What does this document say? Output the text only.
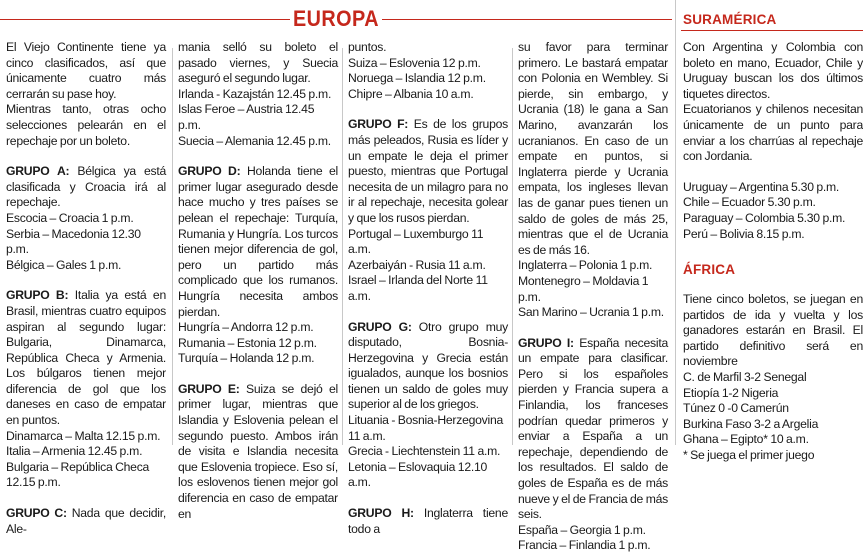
EUROPA

El Viejo Continente tiene ya cinco clasificados, así que únicamente cuatro más cerrarán su pase hoy.

Mientras tanto, otras ocho selecciones pelearán en el repechaje por un boleto.

GRUPO A: Bélgica ya está clasificada y Croacia irá al repechaje.

Escocia – Croacia 1 p.m.

Serbia – Macedonia 12.30 p.m.

Bélgica – Gales 1 p.m.

GRUPO B: Italia ya está en Brasil, mientras cuatro equipos aspiran al segundo lugar: Bulgaria, Dinamarca, República Checa y Armenia. Los búlgaros tienen mejor diferencia de gol que los daneses en caso de empatar en puntos.

Dinamarca – Malta 12.15 p.m.

Italia – Armenia 12.45 p.m.

Bulgaria – República Checa 12.15 p.m.

GRUPO C: Nada que decidir, Ale-

mania selló su boleto el pasado viernes, y Suecia aseguró el segundo lugar.

Irlanda - Kazajstán 12.45 p.m.

Islas Feroe – Austria 12.45 p.m.

Suecia – Alemania 12.45 p.m.

GRUPO D: Holanda tiene el primer lugar asegurado desde hace mucho y tres países se pelean el repechaje: Turquía, Rumania y Hungría. Los turcos tienen mejor diferencia de gol, pero un partido más complicado que los rumanos. Hungría necesita ambos pierdan.

Hungría – Andorra 12 p.m.

Rumania – Estonia 12 p.m.

Turquía – Holanda 12 p.m.

GRUPO E: Suiza se dejó el primer lugar, mientras que Islandia y Eslovenia pelean el segundo puesto. Ambos irán de visita e Islandia necesita que Eslovenia tropiece. Eso sí, los eslovenos tienen mejor gol diferencia en caso de empatar en

puntos.

Suiza – Eslovenia 12 p.m.

Noruega – Islandia 12 p.m.

Chipre – Albania 10 a.m.

GRUPO F: Es de los grupos más peleados, Rusia es líder y un empate le deja el primer puesto, mientras que Portugal necesita de un milagro para no ir al repechaje, necesita golear y que los rusos pierdan.

Portugal – Luxemburgo 11 a.m.

Azerbaiyán - Rusia 11 a.m.

Israel – Irlanda del Norte 11 a.m.

GRUPO G: Otro grupo muy disputado, Bosnia-Herzegovina y Grecia están igualados, aunque los bosnios tienen un saldo de goles muy superior al de los griegos.

Lituania - Bosnia-Herzegovina 11 a.m.

Grecia - Liechtenstein 11 a.m.

Letonia – Eslovaquia 12.10 a.m.

GRUPO H: Inglaterra tiene todo a

su favor para terminar primero. Le bastará empatar con Polonia en Wembley. Si pierde, sin embargo, y Ucrania (18) le gana a San Marino, avanzarán los ucranianos. En caso de un empate en puntos, si Inglaterra pierde y Ucrania empata, los ingleses llevan las de ganar pues tienen un saldo de goles de más 25, mientras que el de Ucrania es de más 16.

Inglaterra – Polonia 1 p.m.

Montenegro – Moldavia 1 p.m.

San Marino – Ucrania 1 p.m.

GRUPO I: España necesita un empate para clasificar. Pero si los españoles pierden y Francia supera a Finlandia, los franceses podrían quedar primeros y enviar a España a un repechaje, dependiendo de los resultados. El saldo de goles de España es de más nueve y el de Francia de más seis.

España – Georgia 1 p.m.

Francia – Finlandia 1 p.m.

SURAMÉRICA

Con Argentina y Colombia con boleto en mano, Ecuador, Chile y Uruguay buscan los dos últimos tiquetes directos.

Ecuatorianos y chilenos necesitan únicamente de un punto para enviar a los charrúas al repechaje con Jordania.

Uruguay – Argentina 5.30 p.m.

Chile – Ecuador 5.30 p.m.

Paraguay – Colombia 5.30 p.m.

Perú – Bolivia 8.15 p.m.

ÁFRICA

Tiene cinco boletos, se juegan en partidos de ida y vuelta y los ganadores estarán en Brasil. El partido definitivo será en noviembre

C. de Marfil 3-2 Senegal

Etiopía 1-2 Nigeria

Túnez 0 -0 Camerún

Burkina Faso 3-2 a Argelia

Ghana – Egipto* 10 a.m.

* Se juega el primer juego
